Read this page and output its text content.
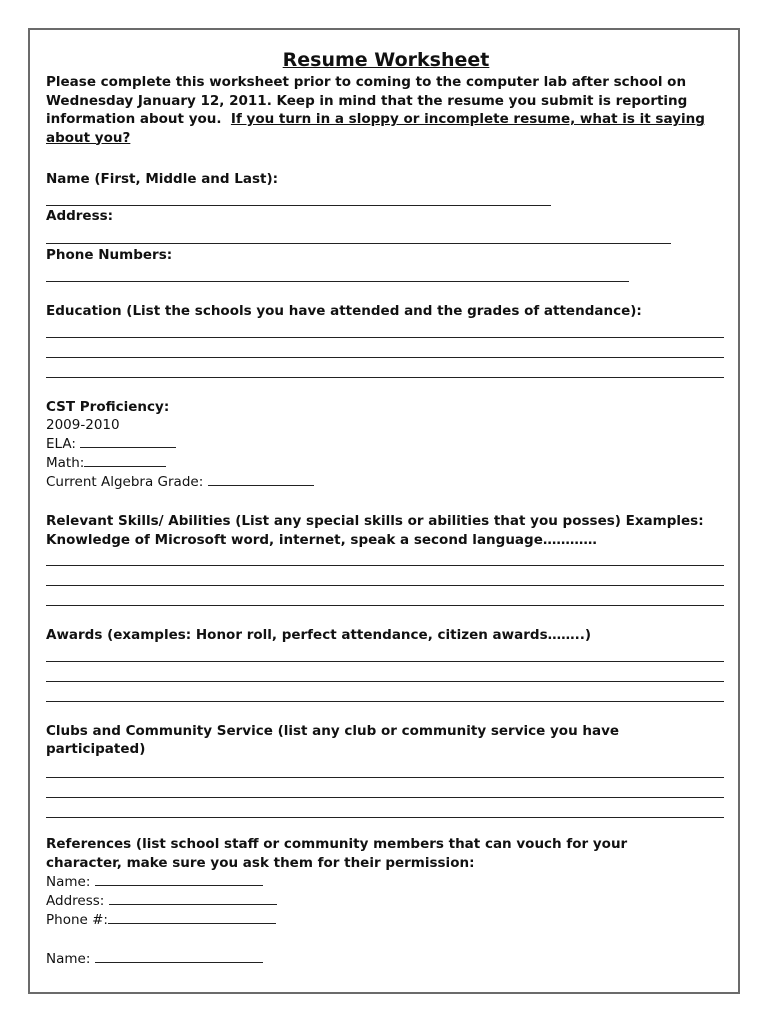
Resume Worksheet

Please complete this worksheet prior to coming to the computer lab after school on Wednesday January 12, 2011. Keep in mind that the resume you submit is reporting information about you. If you turn in a sloppy or incomplete resume, what is it saying about you?

Name (First, Middle and Last):
Address:
Phone Numbers:
Education (List the schools you have attended and the grades of attendance):
CST Proficiency:
2009-2010
ELA:
Math:
Current Algebra Grade:
Relevant Skills/ Abilities (List any special skills or abilities that you posses) Examples:
Knowledge of Microsoft word, internet, speak a second language…………
Awards (examples: Honor roll, perfect attendance, citizen awards……..)
Clubs and Community Service (list any club or community service you have
participated)
References (list school staff or community members that can vouch for your
character, make sure you ask them for their permission:
Name:
Address:
Phone #:
Name:
